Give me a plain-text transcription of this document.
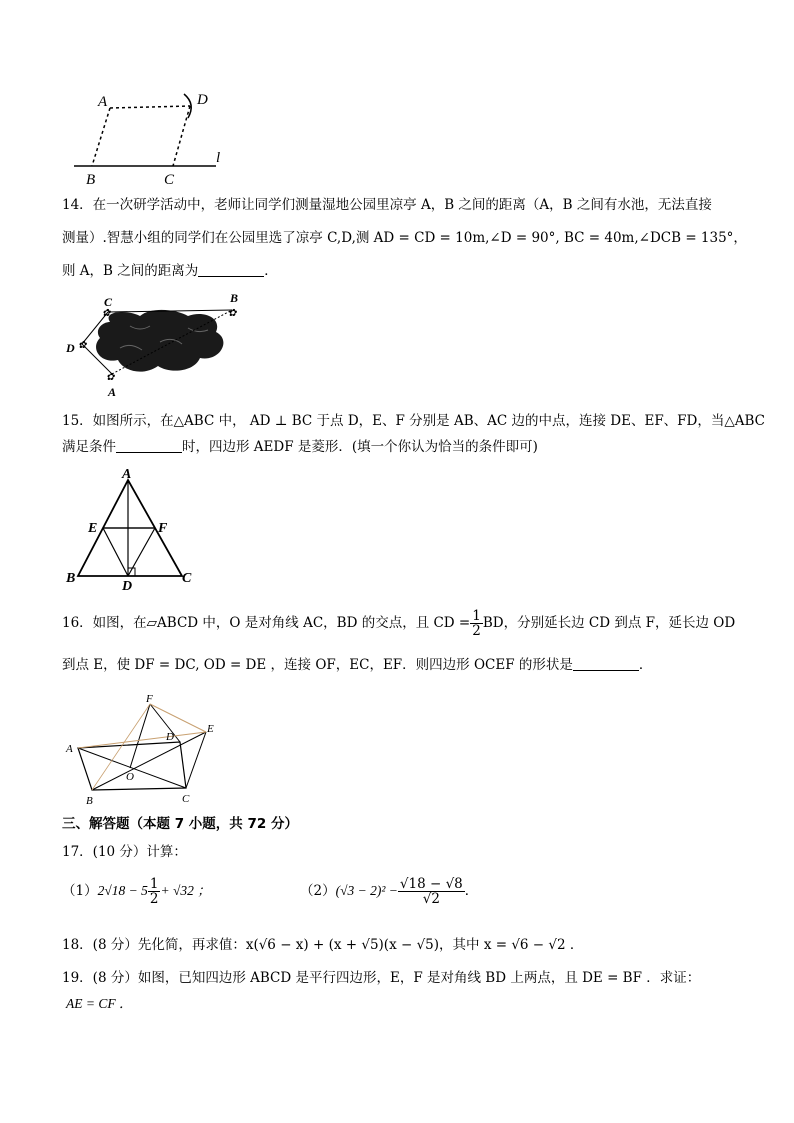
A	D
B	C
l
14．在一次研学活动中，老师让同学们测量湿地公园里凉亭 A，B 之间的距离（A，B 之间有水池，无法直接
测量）.智慧小组的同学们在公园里选了凉亭 C,D,测 AD = CD = 10m,∠D = 90°, BC = 40m,∠DCB = 135°，
则 A，B 之间的距离为	．
✿	✿
✿
✿
C	B
D
A
15．如图所示，在△ABC 中， AD ⊥ BC 于点 D，E、F 分别是 AB、AC 边的中点，连接 DE、EF、FD，当△ABC
满足条件	时，四边形 AEDF 是菱形．(填一个你认为恰当的条件即可)
A
E	F
B
D
C
16．如图，在▱ABCD 中，O 是对角线 AC，BD 的交点，且 CD = $\frac{1}{2}$ BD，分别延长边 CD 到点 F，延长边 OD
到点 E，使 DF = DC, OD = DE ，连接 OF，EC，EF．则四边形 OCEF 的形状是	．
F
E
A
D
O
B	C
三、解答题（本题 7 小题，共 72 分）
17．(10 分）计算：
$(1)2√18 - 5 \frac{1}{2} + √32$ ；	$(2)(√3 - 2)^2 - \frac{√18 - √8}{√2}$ ．
18．(8 分）先化简，再求值：x(√6 − x) + (x + √5)(x − √5)，其中 x = √6 − √2 ．
19．(8 分）如图，已知四边形 ABCD 是平行四边形，E，F 是对角线 BD 上两点，且 DE = BF ．求证：
AE = CF ．
